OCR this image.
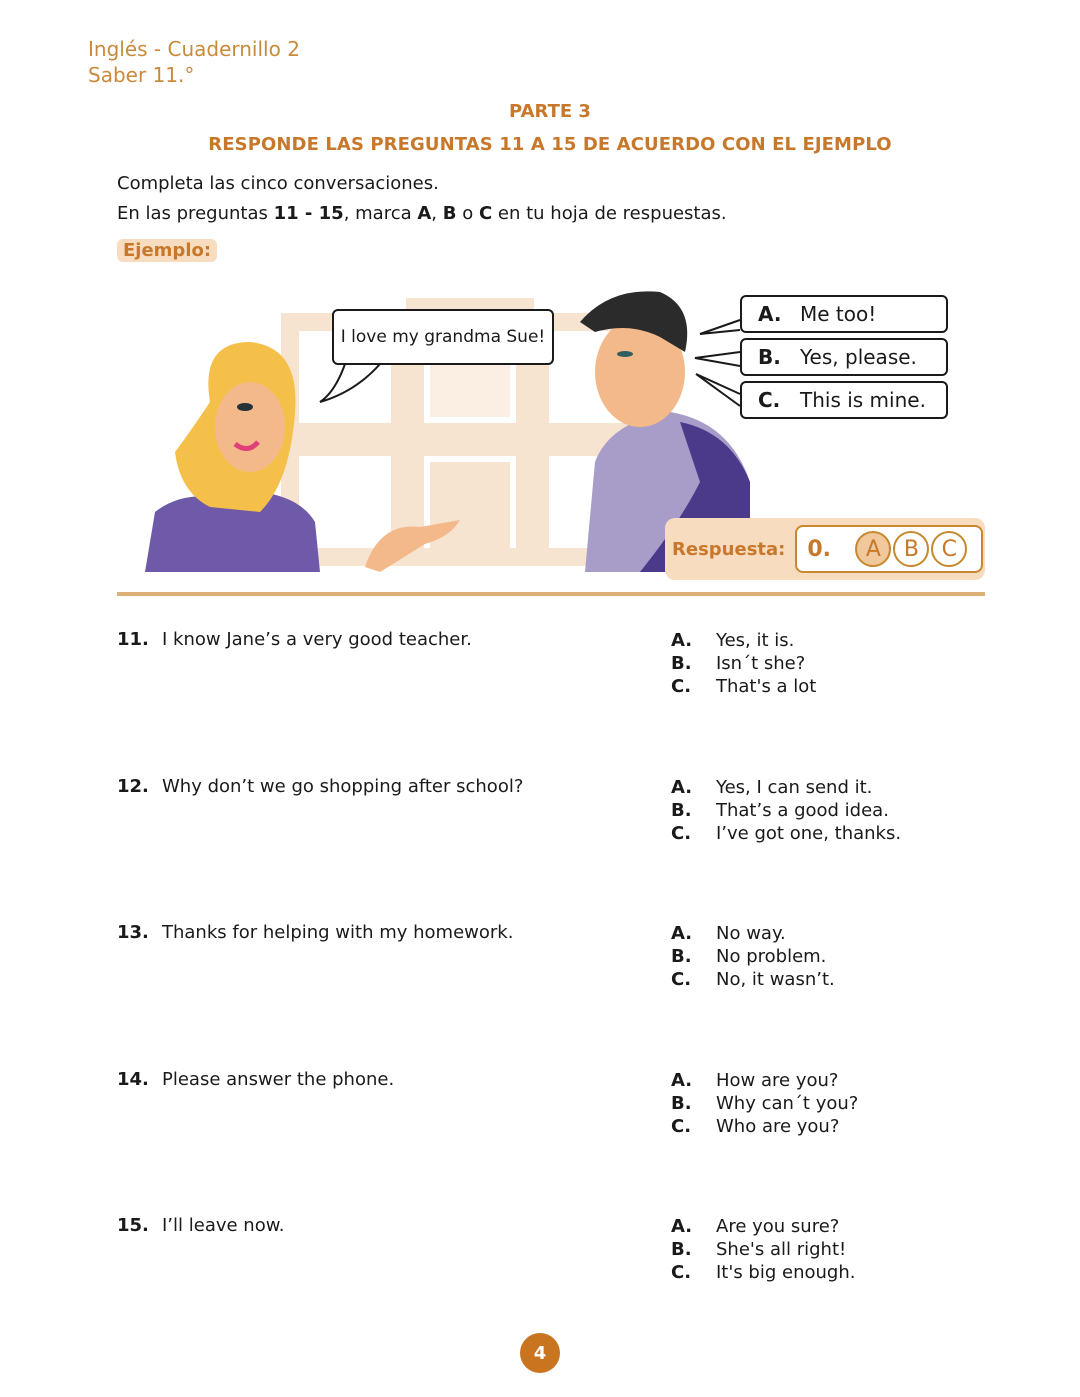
Inglés - Cuadernillo 2
Saber 11.°
PARTE 3
RESPONDE LAS PREGUNTAS 11 A 15 DE ACUERDO CON EL EJEMPLO
Completa las cinco conversaciones.
En las preguntas 11 - 15, marca A, B o C en tu hoja de respuestas.
Ejemplo:
I love my grandma Sue!
A. Me too!
B. Yes, please.
C. This is mine.
Respuesta: 0.	A	B	C
11. I know Jane’s a very good teacher.	A. Yes, it is.
B. Isn´t she?
C. That's a lot
12. Why don’t we go shopping after school?	A. Yes, I can send it.
B. That’s a good idea.
C. I’ve got one, thanks.
13. Thanks for helping with my homework.	A. No way.
B. No problem.
C. No, it wasn’t.
14. Please answer the phone.	A. How are you?
B. Why can´t you?
C. Who are you?
15. I’ll leave now.	A. Are you sure?
B. She's all right!
C. It's big enough.
4
